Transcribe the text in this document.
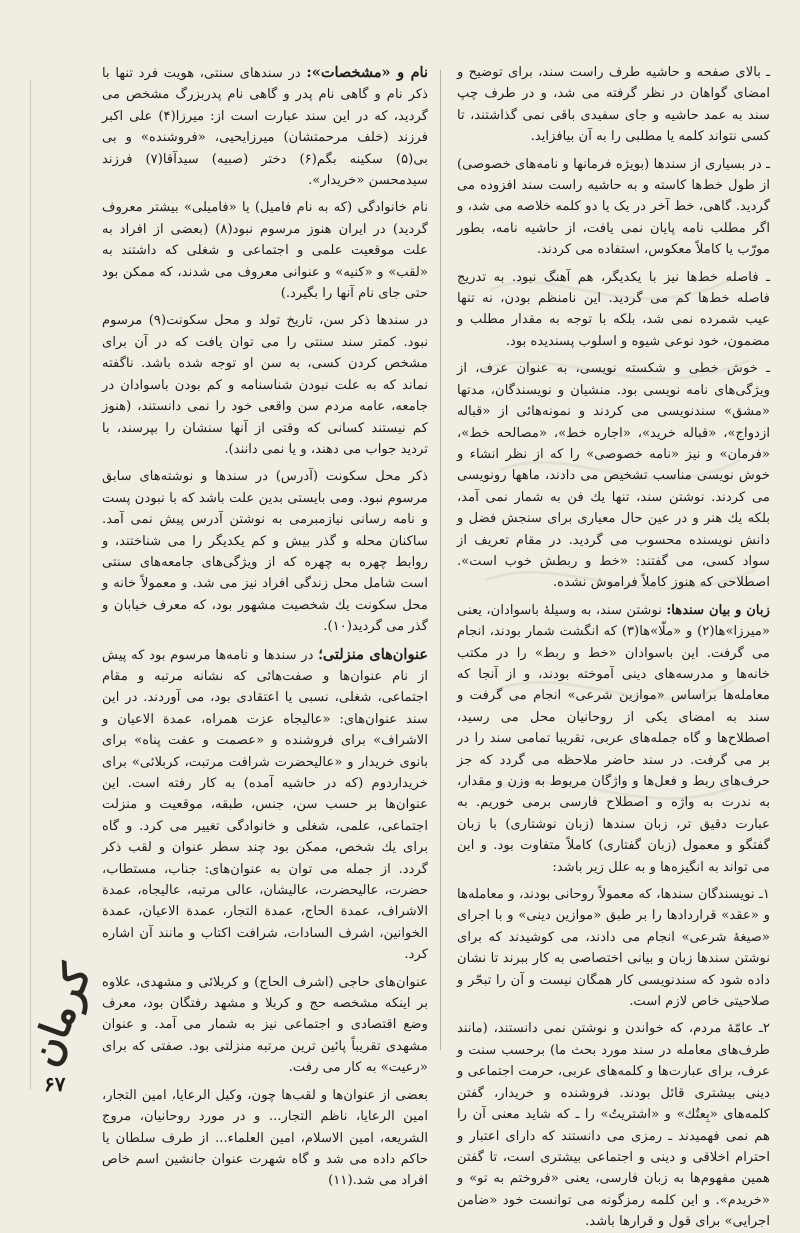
ـ بالای صفحه و حاشیه طرف راست سند، برای توضیح و امضای گواهان در نظر گرفته می شد، و در طرف چپ سند به عمد حاشیه و جای سفیدی باقی نمی گذاشتند، تا کسی نتواند کلمه یا مطلبی را به آن بیافزاید.

ـ در بسیاری از سندها (بویژه فرمانها و نامه‌های خصوصی) از طول خط‌ها کاسته و به حاشیه راست سند افزوده می گردید. گاهی، خط آخر در یک یا دو کلمه خلاصه می شد، و اگر مطلب نامه پایان نمی یافت، از حاشیه نامه، بطور مورّب یا کاملاً معکوس، استفاده می کردند.

ـ فاصله خط‌ها نیز با یکدیگر، هم آهنگ نبود. به تدریج فاصله خط‌ها کم می گردید. این نامنظم بودن، نه تنها عیب شمرده نمی شد، بلکه با توجه به مقدار مطلب و مضمون، خود نوعی شیوه و اسلوب پسندیده بود.

ـ خوش خطی و شکسته نویسی، به عنوان عرف، از ویژگی‌های نامه نویسی بود. منشیان و نویسندگان، مدتها «مشق» سندنویسی می کردند و نمونه‌هائی از «قباله ازدواج»، «قباله خرید»، «اجاره خط»، «مصالحه خط»، «فرمان» و نیز «نامه خصوصی» را که از نظر انشاء و خوش نویسی مناسب تشخیص می دادند، ماهها رونویسی می کردند. نوشتن سند، تنها یك فن به شمار نمی آمد، بلکه یك هنر و در عین حال معیاری برای سنجش فضل و دانش نویسنده محسوب می گردید. در مقام تعریف از سواد کسی، می گفتند: «خط و ربطش خوب است». اصطلاحی که هنوز کاملاً فراموش نشده.

زبان و بیان سندها: نوشتن سند، به وسیلهٔ باسوادان، یعنی «میرزا»ها(۲) و «ملّا»ها(۳) که انگشت شمار بودند، انجام می گرفت. این باسوادان «خط و ربط» را در مکتب خانه‌ها و مدرسه‌های دینی آموخته بودند، و از آنجا که معامله‌ها براساس «موازین شرعی» انجام می گرفت و سند به امضای یکی از روحانیان محل می رسید، اصطلاح‌ها و گاه جمله‌های عربی، تقریبا تمامی سند را در بر می گرفت. در سند حاضر ملاحظه می گردد که جز حرف‌های ربط و فعل‌ها و واژگان مربوط به وزن و مقدار، به ندرت به واژه و اصطلاح فارسی برمی خوریم. به عبارت دقیق تر، زبان سندها (زبان نوشتاری) با زبان گفتگو و معمول (زبان گفتاری) کاملاً متفاوت بود. و این می تواند به انگیزه‌ها و به علل زیر باشد:

۱ـ نویسندگان سندها، که معمولاً روحانی بودند، و معامله‌ها و «عقد» قراردادها را بر طبق «موازین دینی» و با اجرای «صیغهٔ شرعی» انجام می دادند، می کوشیدند که برای نوشتن سندها زبان و بیانی اختصاصی به کار ببرند تا نشان داده شود که سندنویسی کار همگان نیست و آن را تبحّر و صلاحیتی خاص لازم است.

۲ـ عامّهٔ مردم، که خواندن و نوشتن نمی دانستند، (مانند طرف‌های معامله در سند مورد بحث ما) برحسب سنت و عرف، برای عبارت‌ها و کلمه‌های عربی، حرمت اجتماعی و دینی بیشتری قائل بودند. فروشنده و خریدار، گفتن کلمه‌های «بِعتُك» و «اشتریتُ» را ـ که شاید معنی آن را هم نمی فهمیدند ـ رمزی می دانستند که دارای اعتبار و احترام اخلاقی و دینی و اجتماعی بیشتری است، تا گفتن همین مفهوم‌ها به زبان فارسی، یعنی «فروختم به تو» و «خریدم». و این کلمه رمزگونه می توانست خود «ضامن اجرایی» برای قول و قرارها باشد.

نام و «مشخصات»: در سندهای سنتی، هویت فرد تنها با ذکر نام و گاهی نام پدر و گاهی نام پدربزرگ مشخص می گردید، که در این سند عبارت است از: میرزا(۴) علی اکبر فرزند (خلف مرحمتشان) میرزایحیی، «فروشنده» و بی بی(۵) سکینه بگم(۶) دختر (صبیه) سیدآقا(۷) فرزند سیدمحسن «خریدار».

نام خانوادگی (که به نام فامیل) یا «فامیلی» بیشتر معروف گردید) در ایران هنوز مرسوم نبود(۸) (بعضی از افراد به علت موقعیت علمی و اجتماعی و شغلی که داشتند به «لقب» و «کنیه» و عنوانی معروف می شدند، که ممکن بود حتی جای نام آنها را بگیرد.)

در سندها ذکر سن، تاریخ تولد و محل سکونت(۹) مرسوم نبود. کمتر سند سنتی را می توان یافت که در آن برای مشخص کردن کسی، به سن او توجه شده باشد. ناگفته نماند که به علت نبودن شناسنامه و کم بودن باسوادان در جامعه، عامه مردم سن واقعی خود را نمی دانستند، (هنوز کم نیستند کسانی که وقتی از آنها سنشان را بپرسند، با تردید جواب می دهند، و یا نمی دانند).

ذکر محل سکونت (آدرس) در سندها و نوشته‌های سابق مرسوم نبود. ومی بایستی بدین علت باشد که با نبودن پست و نامه رسانی نیازمبرمی به نوشتن آدرس پیش نمی آمد. ساکنان محله و گذر بیش و کم یکدیگر را می شناختند، و روابط چهره به چهره که از ویژگی‌های جامعه‌های سنتی است شامل محل زندگی افراد نیز می شد. و معمولاً خانه و محل سکونت یك شخصیت مشهور بود، که معرف خیابان و گذر می گردید(۱۰).

عنوان‌های منزلتی؛ در سندها و نامه‌ها مرسوم بود که پیش از نام عنوان‌ها و صفت‌هائی که نشانه مرتبه و مقام اجتماعی، شغلی، نسبی یا اعتقادی بود، می آوردند. در این سند عنوان‌های: «عالیجاه عزت همراه، عمدة الاعیان و الاشراف» برای فروشنده و «عصمت و عفت پناه» برای بانوی خریدار و «عالیحضرت شرافت مرتبت، کربلائی» برای خریداردوم (که در حاشیه آمده) به کار رفته است. این عنوان‌ها بر حسب سن، جنس، طبقه، موقعیت و منزلت اجتماعی، علمی، شغلی و خانوادگی تغییر می کرد. و گاه برای یك شخص، ممکن بود چند سطر عنوان و لقب ذکر گردد. از جمله می توان به عنوان‌های: جناب، مستطاب، حضرت، عالیحضرت، عالیشان، عالی مرتبه، عالیجاه، عمدة الاشراف، عمدة الحاج، عمدة التجار، عمدة الاعیان، عمدة الخوانین، اشرف السادات، شرافت اکتاب و مانند آن اشاره کرد.

عنوان‌های حاجی (اشرف الحاج) و کربلائی و مشهدی، علاوه بر اینکه مشخصه حج و کربلا و مشهد رفتگان بود، معرف وضع اقتصادی و اجتماعی نیز به شمار می آمد. و عنوان مشهدی تقریباً پائین ترین مرتبه منزلتی بود. صفتی که برای «رعیت» به کار می رفت.

بعضی از عنوان‌ها و لقب‌ها چون، وکیل الرعایا، امین التجار، امین الرعایا، ناظم التجار... و در مورد روحانیان، مروج الشریعه، امین الاسلام، امین العلماء... از طرف سلطان یا حاکم داده می شد و گاه شهرت عنوان جانشین اسم خاص افراد می شد.(۱۱)

کرمان
۶۷
